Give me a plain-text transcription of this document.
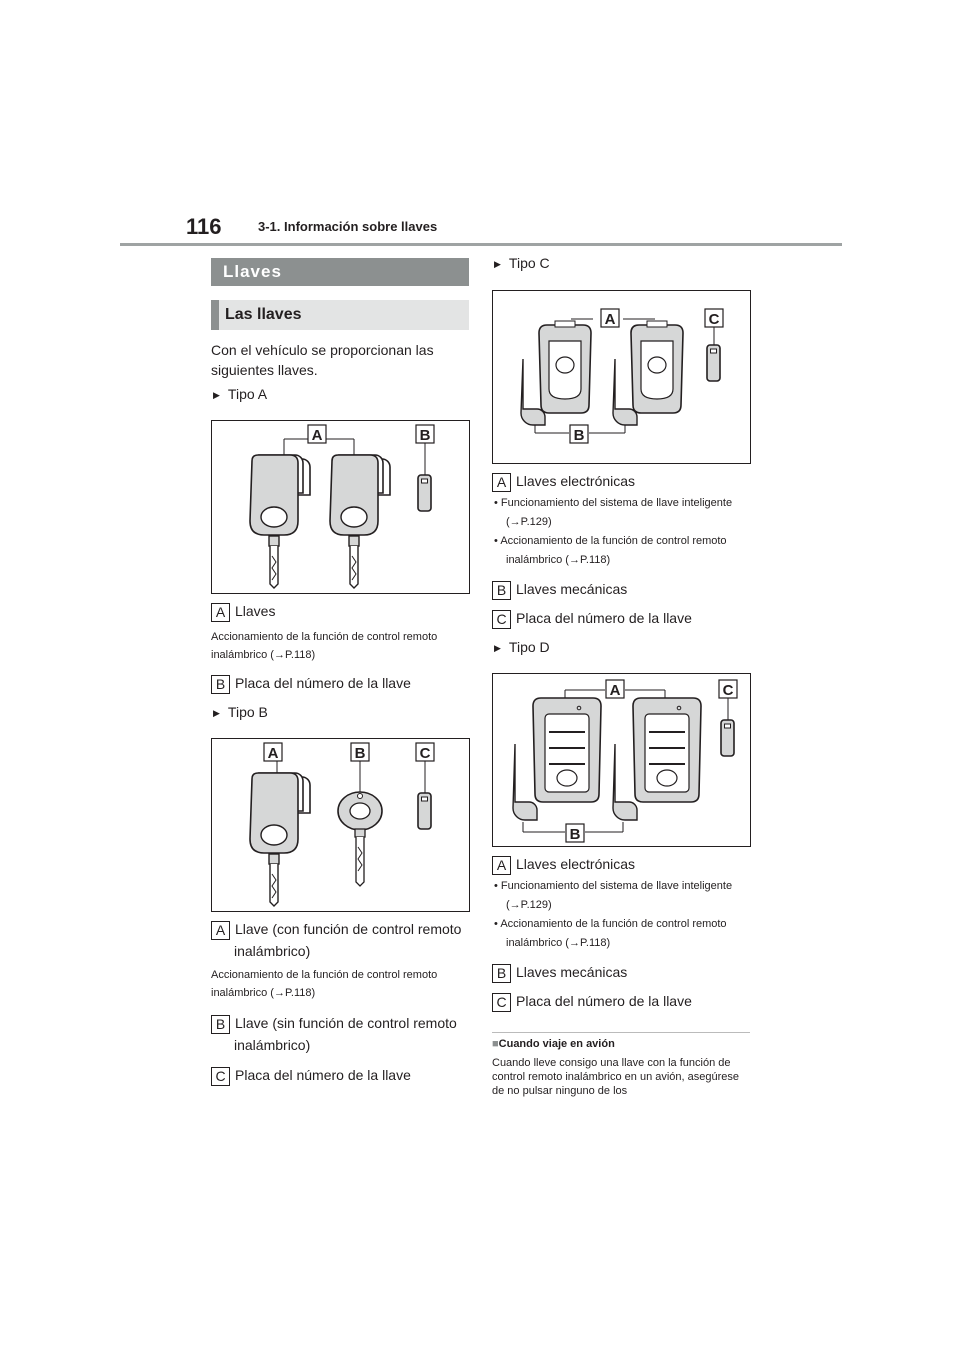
116	3-1. Información sobre llaves
Llaves
Las llaves
Con el vehículo se proporcionan las siguientes llaves.
▶ Tipo A
A	B
A Llaves
Accionamiento de la función de control remoto inalámbrico (→P.118)
B Placa del número de la llave
▶ Tipo B
A	B	C
A Llave (con función de control remoto inalámbrico)
Accionamiento de la función de control remoto inalámbrico (→P.118)
B Llave (sin función de control remoto inalámbrico)
C Placa del número de la llave
▶ Tipo C
A	C
B
A Llaves electrónicas
• Funcionamiento del sistema de llave inteligente (→P.129)
• Accionamiento de la función de control remoto inalámbrico (→P.118)
B Llaves mecánicas
C Placa del número de la llave
▶ Tipo D
A	C
B
A Llaves electrónicas
• Funcionamiento del sistema de llave inteligente (→P.129)
• Accionamiento de la función de control remoto inalámbrico (→P.118)
B Llaves mecánicas
C Placa del número de la llave
■Cuando viaje en avión
Cuando lleve consigo una llave con la función de control remoto inalámbrico en un avión, asegúrese de no pulsar ninguno de los
